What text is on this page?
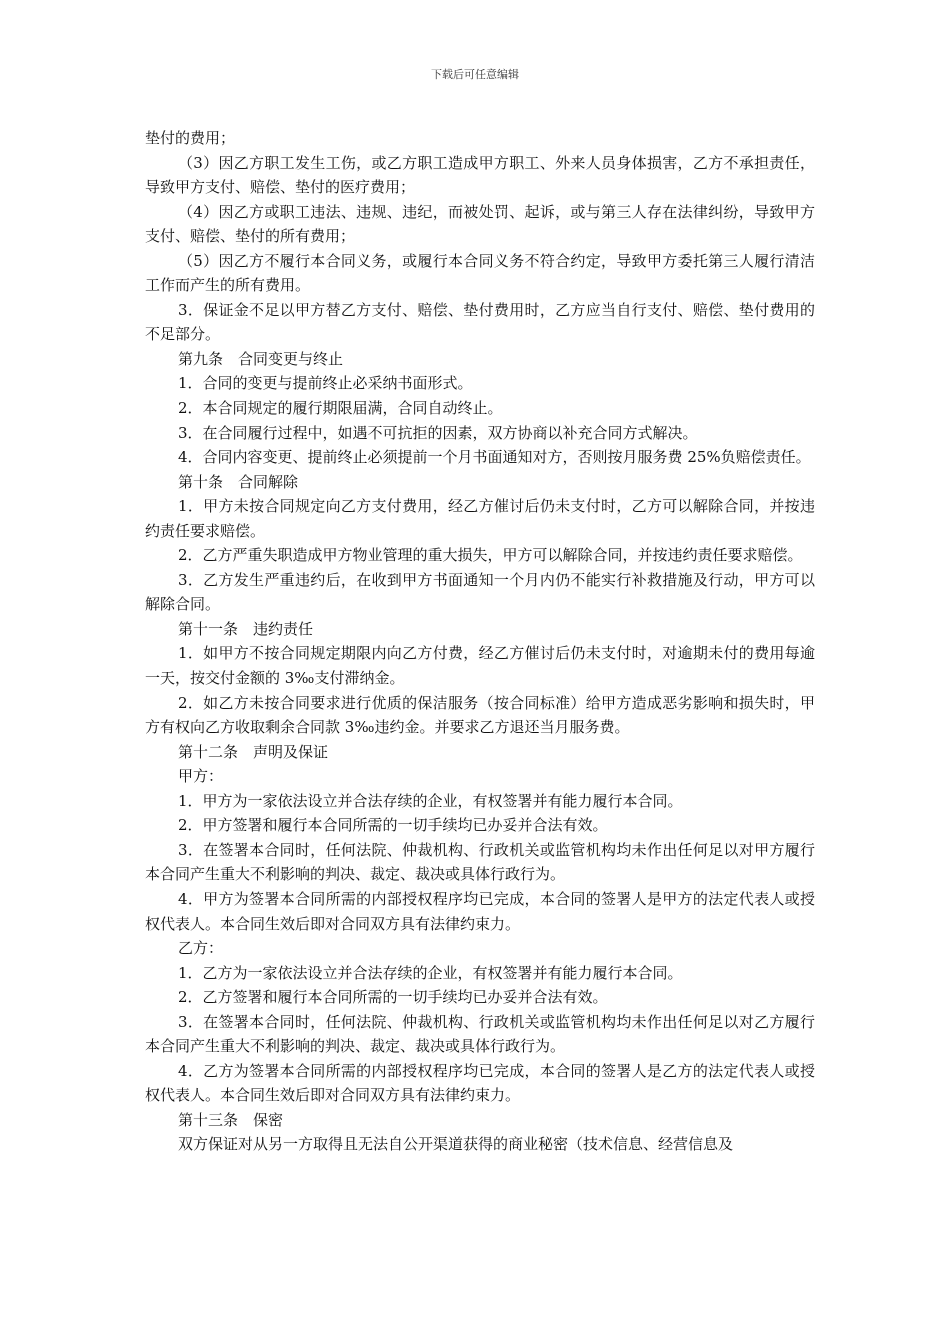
下载后可任意编辑

垫付的费用；

（3）因乙方职工发生工伤，或乙方职工造成甲方职工、外来人员身体损害，乙方不承担责任，导致甲方支付、赔偿、垫付的医疗费用；

（4）因乙方或职工违法、违规、违纪，而被处罚、起诉，或与第三人存在法律纠纷，导致甲方支付、赔偿、垫付的所有费用；

（5）因乙方不履行本合同义务，或履行本合同义务不符合约定，导致甲方委托第三人履行清洁工作而产生的所有费用。

3．保证金不足以甲方替乙方支付、赔偿、垫付费用时，乙方应当自行支付、赔偿、垫付费用的不足部分。

第九条　合同变更与终止

1．合同的变更与提前终止必采纳书面形式。

2．本合同规定的履行期限届满，合同自动终止。

3．在合同履行过程中，如遇不可抗拒的因素，双方协商以补充合同方式解决。

4．合同内容变更、提前终止必须提前一个月书面通知对方，否则按月服务费 25%负赔偿责任。

第十条　合同解除

1．甲方未按合同规定向乙方支付费用，经乙方催讨后仍未支付时，乙方可以解除合同，并按违约责任要求赔偿。

2．乙方严重失职造成甲方物业管理的重大损失，甲方可以解除合同，并按违约责任要求赔偿。

3．乙方发生严重违约后，在收到甲方书面通知一个月内仍不能实行补救措施及行动，甲方可以解除合同。

第十一条　违约责任

1．如甲方不按合同规定期限内向乙方付费，经乙方催讨后仍未支付时，对逾期未付的费用每逾一天，按交付金额的 3‰支付滞纳金。

2．如乙方未按合同要求进行优质的保洁服务（按合同标准）给甲方造成恶劣影响和损失时，甲方有权向乙方收取剩余合同款 3‰违约金。并要求乙方退还当月服务费。

第十二条　声明及保证

甲方：

1．甲方为一家依法设立并合法存续的企业，有权签署并有能力履行本合同。

2．甲方签署和履行本合同所需的一切手续均已办妥并合法有效。

3．在签署本合同时，任何法院、仲裁机构、行政机关或监管机构均未作出任何足以对甲方履行本合同产生重大不利影响的判决、裁定、裁决或具体行政行为。

4．甲方为签署本合同所需的内部授权程序均已完成，本合同的签署人是甲方的法定代表人或授权代表人。本合同生效后即对合同双方具有法律约束力。

乙方：

1．乙方为一家依法设立并合法存续的企业，有权签署并有能力履行本合同。

2．乙方签署和履行本合同所需的一切手续均已办妥并合法有效。

3．在签署本合同时，任何法院、仲裁机构、行政机关或监管机构均未作出任何足以对乙方履行本合同产生重大不利影响的判决、裁定、裁决或具体行政行为。

4．乙方为签署本合同所需的内部授权程序均已完成，本合同的签署人是乙方的法定代表人或授权代表人。本合同生效后即对合同双方具有法律约束力。

第十三条　保密

双方保证对从另一方取得且无法自公开渠道获得的商业秘密（技术信息、经营信息及
